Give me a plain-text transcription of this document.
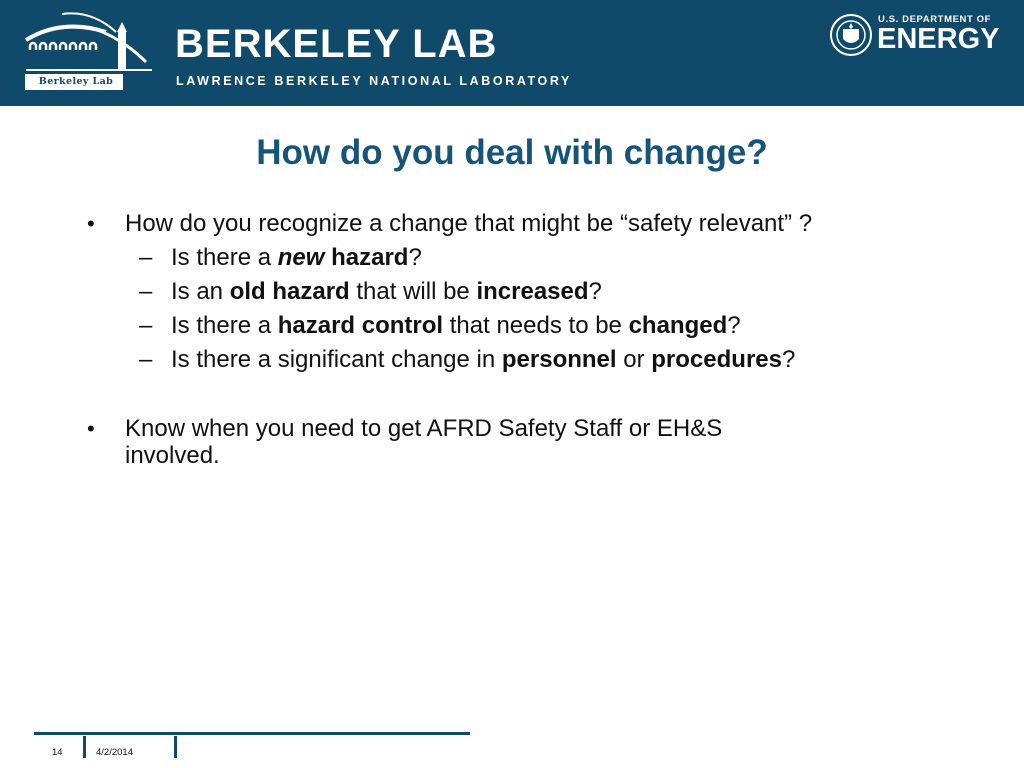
Berkeley Lab
BERKELEY LAB
LAWRENCE BERKELEY NATIONAL LABORATORY
U.S. DEPARTMENT OF
ENERGY
How do you deal with change?
• How do you recognize a change that might be “safety relevant” ?
– Is there a new hazard?
– Is an old hazard that will be increased?
– Is there a hazard control that needs to be changed?
– Is there a significant change in personnel or procedures?
• Know when you need to get AFRD Safety Staff or EH&S
involved.
14	4/2/2014
